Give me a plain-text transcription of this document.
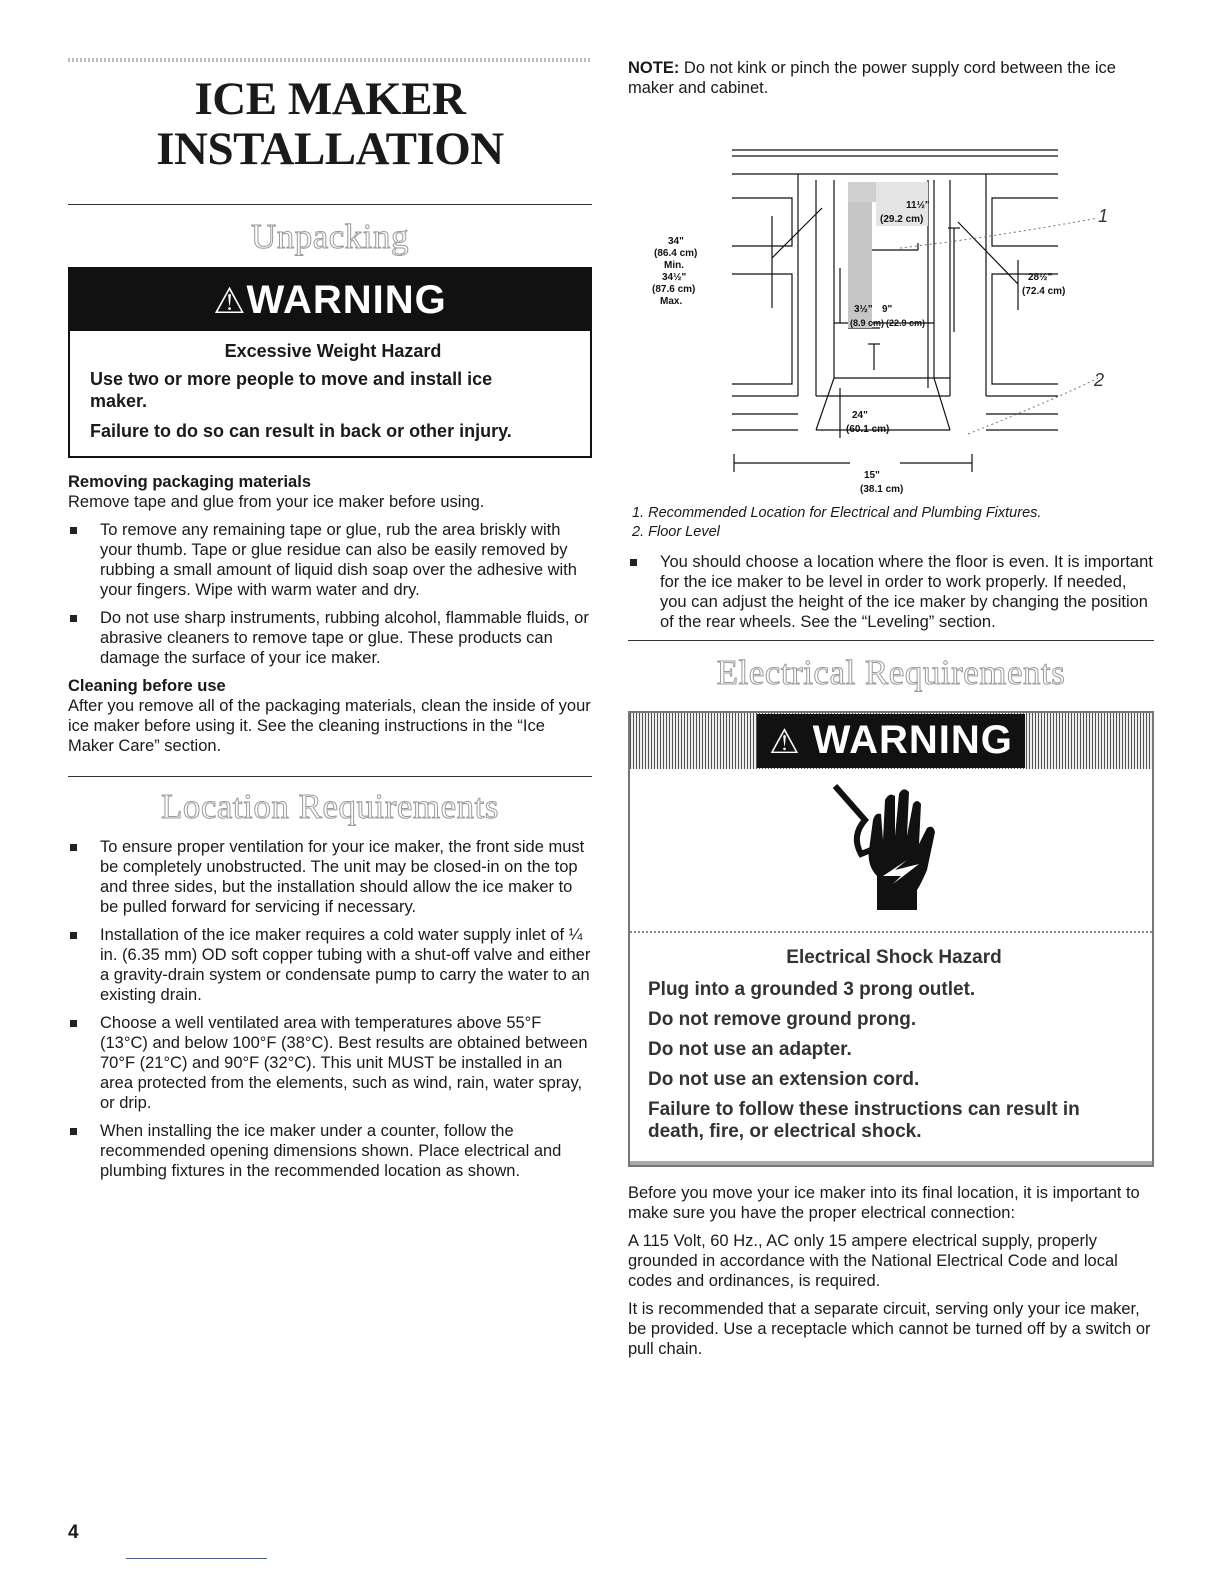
ICE MAKER
INSTALLATION
Unpacking
⚠WARNING
Excessive Weight Hazard
Use two or more people to move and install ice maker.
Failure to do so can result in back or other injury.
Removing packaging materials

Remove tape and glue from your ice maker before using.

To remove any remaining tape or glue, rub the area briskly with your thumb. Tape or glue residue can also be easily removed by rubbing a small amount of liquid dish soap over the adhesive with your fingers. Wipe with warm water and dry.
Do not use sharp instruments, rubbing alcohol, flammable fluids, or abrasive cleaners to remove tape or glue. These products can damage the surface of your ice maker.
Cleaning before use

After you remove all of the packaging materials, clean the inside of your ice maker before using it. See the cleaning instructions in the “Ice Maker Care” section.

Location Requirements
To ensure proper ventilation for your ice maker, the front side must be completely unobstructed. The unit may be closed-in on the top and three sides, but the installation should allow the ice maker to be pulled forward for servicing if necessary.
Installation of the ice maker requires a cold water supply inlet of ¼ in. (6.35 mm) OD soft copper tubing with a shut-off valve and either a gravity-drain system or condensate pump to carry the water to an existing drain.
Choose a well ventilated area with temperatures above 55°F (13°C) and below 100°F (38°C). Best results are obtained between 70°F (21°C) and 90°F (32°C). This unit MUST be installed in an area protected from the elements, such as wind, rain, water spray, or drip.
When installing the ice maker under a counter, follow the recommended opening dimensions shown. Place electrical and plumbing fixtures in the recommended location as shown.

NOTE: Do not kink or pinch the power supply cord between the ice maker and cabinet.

11½"
(29.2 cm)
34"
(86.4 cm)
Min.
34½"
(87.6 cm)
Max.
28½"
(72.4 cm)
3½" 9"
(8.9 cm) (22.9 cm)
24"
(60.1 cm)
15"
(38.1 cm)
1
2
1. Recommended Location for Electrical and Plumbing Fixtures.
2. Floor Level
You should choose a location where the floor is even. It is important for the ice maker to be level in order to work properly. If needed, you can adjust the height of the ice maker by changing the position of the rear wheels. See the “Leveling” section.
Electrical Requirements
⚠ WARNING
Electrical Shock Hazard
Plug into a grounded 3 prong outlet.
Do not remove ground prong.
Do not use an adapter.
Do not use an extension cord.
Failure to follow these instructions can result in death, fire, or electrical shock.

Before you move your ice maker into its final location, it is important to make sure you have the proper electrical connection:

A 115 Volt, 60 Hz., AC only 15 ampere electrical supply, properly grounded in accordance with the National Electrical Code and local codes and ordinances, is required.

It is recommended that a separate circuit, serving only your ice maker, be provided. Use a receptacle which cannot be turned off by a switch or pull chain.

4
